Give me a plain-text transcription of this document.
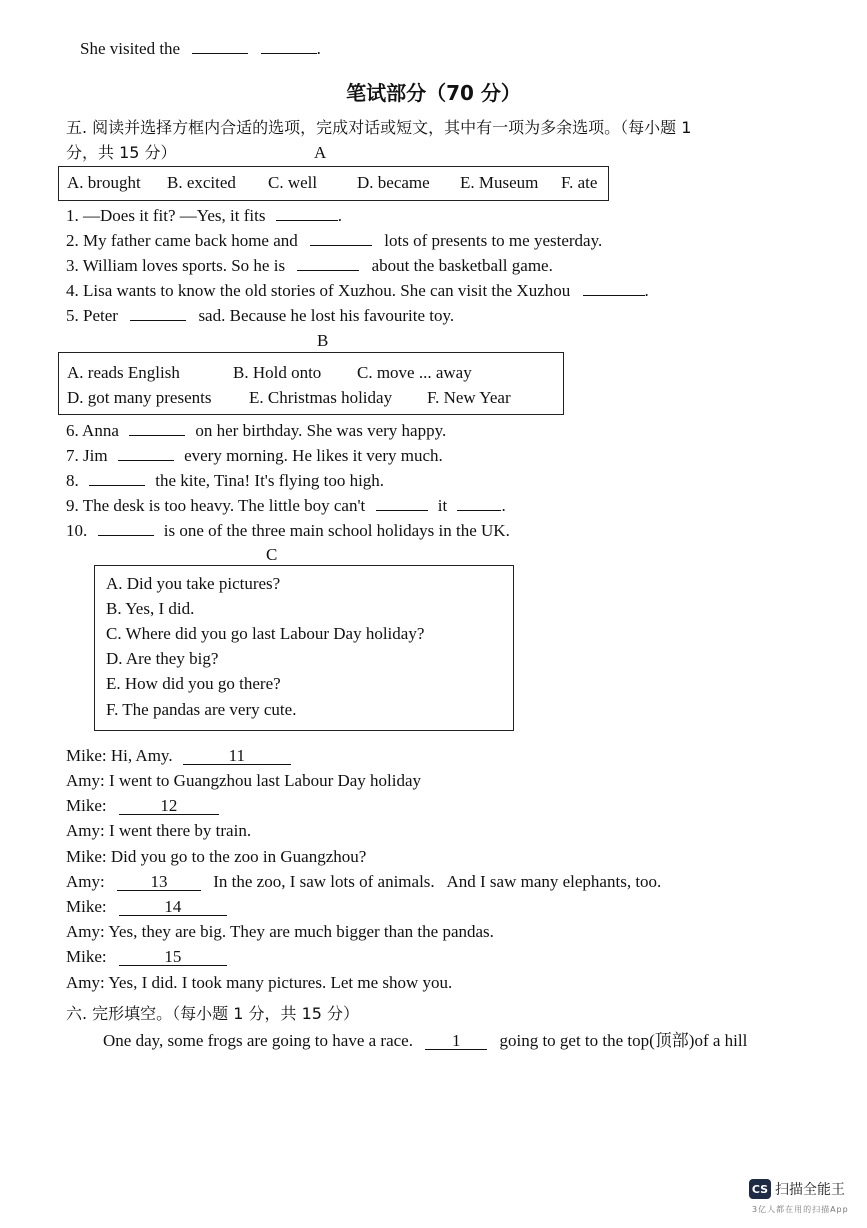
She visited the	.
笔试部分（70 分）
五. 阅读并选择方框内合适的选项，完成对话或短文，其中有一项为多余选项。（每小题 1
分，共 15 分）	A
A. brought B. excited C. well D. became E. Museum F. ate
1. —Does it fit? —Yes, it fits	.
2. My father came back home and	lots of presents to me yesterday.
3. William loves sports. So he is	about the basketball game.
4. Lisa wants to know the old stories of Xuzhou. She can visit the Xuzhou	.
5. Peter	sad. Because he lost his favourite toy.
B
A. reads English	B. Hold onto C. move ... away
D. got many presents E. Christmas holiday F. New Year
6. Anna	on her birthday. She was very happy.
7. Jim	every morning. He likes it very much.
8.	the kite, Tina! It's flying too high.
9. The desk is too heavy. The little boy can't	it	.
10.	is one of the three main school holidays in the UK.
C
A. Did you take pictures?
B. Yes, I did.
C. Where did you go last Labour Day holiday?
D. Are they big?
E. How did you go there?
F. The pandas are very cute.
Mike: Hi, Amy.	11
Amy: I went to Guangzhou last Labour Day holiday
Mike:	12
Amy: I went there by train.
Mike: Did you go to the zoo in Guangzhou?
Amy:	13	In the zoo, I saw lots of animals.   And I saw many elephants, too.
Mike:	14
Amy: Yes, they are big. They are much bigger than the pandas.
Mike:	15
Amy: Yes, I did. I took many pictures. Let me show you.
六. 完形填空。（每小题 1 分，共 15 分）
One day, some frogs are going to have a race. 1 going to get to the top(顶部)of a hill
CS 扫描全能王
3亿人都在用的扫描App
